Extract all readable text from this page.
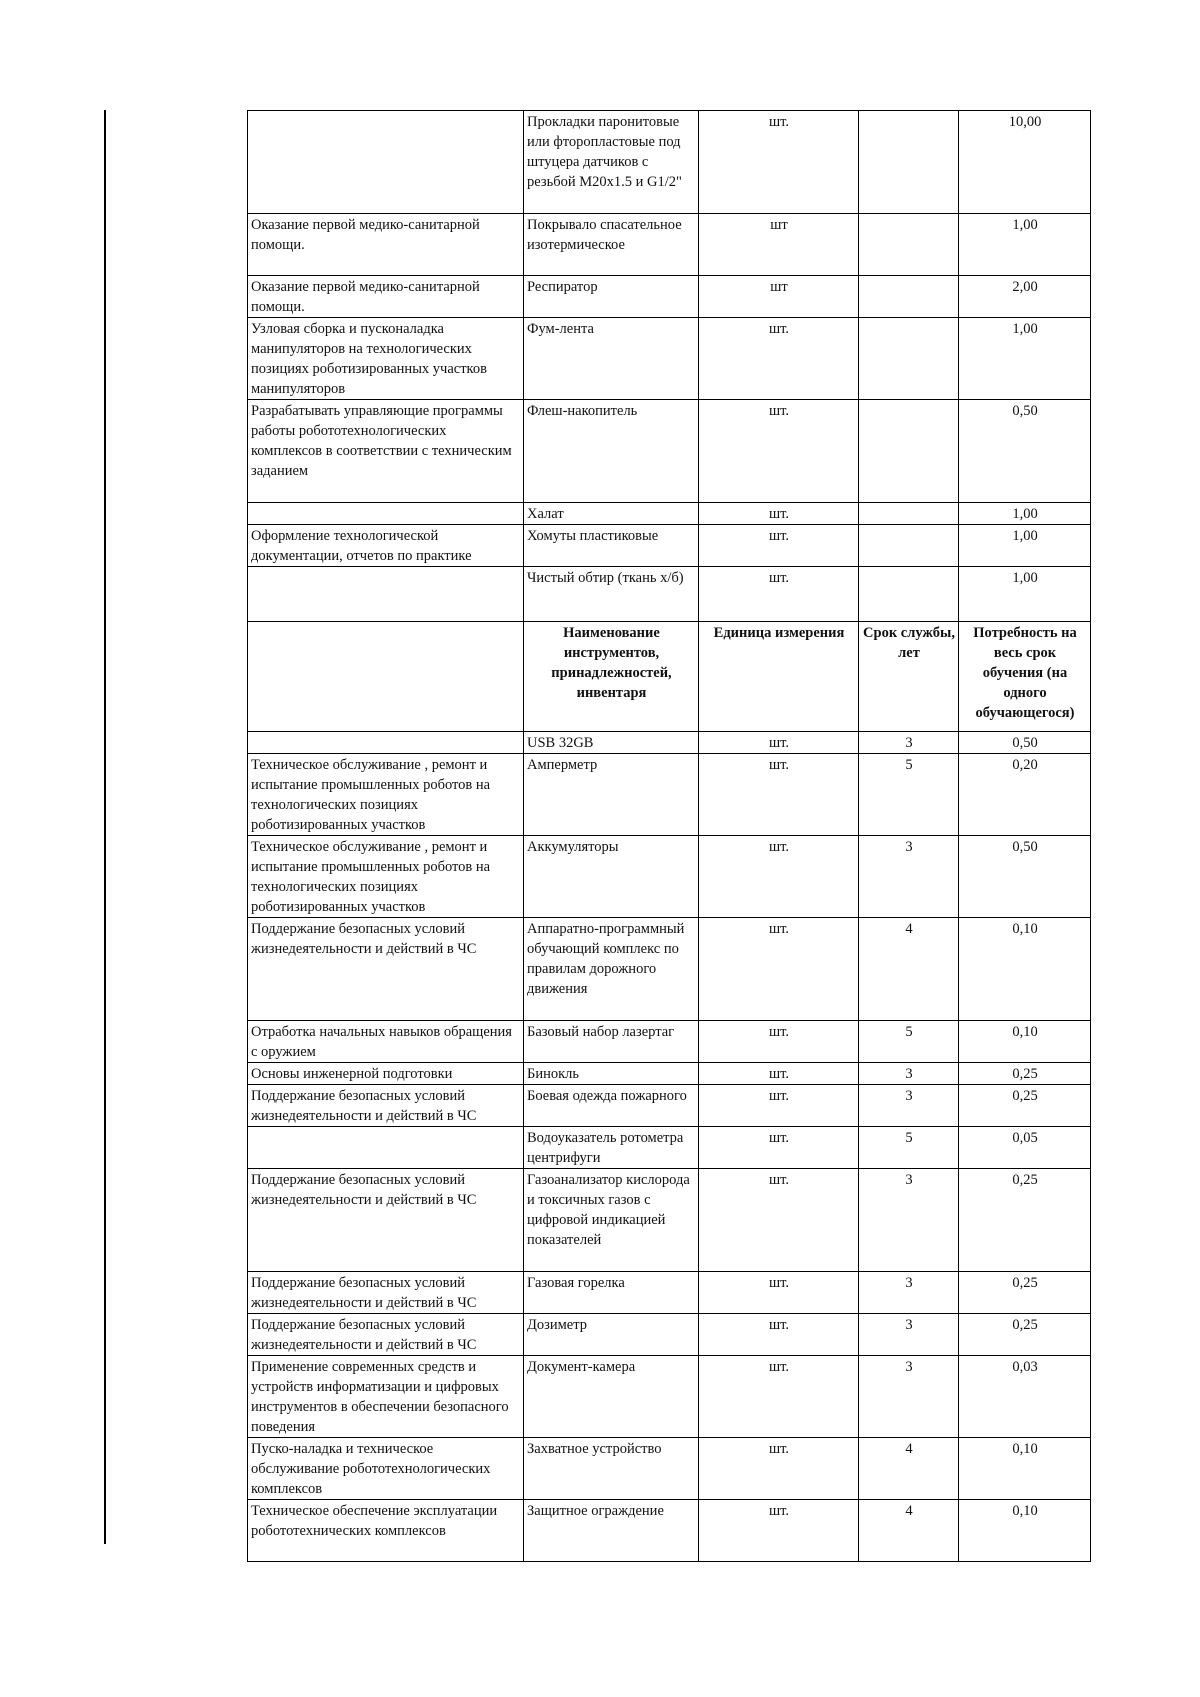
	Прокладки паронитовые или фторопластовые под штуцера датчиков с резьбой М20х1.5 и G1/2"	шт.		10,00
Оказание первой медико-санитарной помощи.	Покрывало спасательное изотермическое	шт		1,00
Оказание первой медико-санитарной помощи.	Респиратор	шт		2,00
Узловая сборка и пусконаладка манипуляторов на технологических позициях роботизированных участков манипуляторов	Фум-лента	шт.		1,00
Разрабатывать управляющие программы работы робототехнологических комплексов в соответствии с техническим заданием	Флеш-накопитель	шт.		0,50
	Халат	шт.		1,00
Оформление технологической документации, отчетов по практике	Хомуты пластиковые	шт.		1,00
	Чистый обтир (ткань х/б)	шт.		1,00
	Наименование инструментов, принадлежностей, инвентаря	Единица измерения	Срок службы, лет	Потребность на весь срок обучения (на одного обучающегося)
	USB 32GB	шт.	3	0,50
Техническое обслуживание , ремонт и испытание промышленных роботов на технологических позициях роботизированных участков	Амперметр	шт.	5	0,20
Техническое обслуживание , ремонт и испытание промышленных роботов на технологических позициях роботизированных участков	Аккумуляторы	шт.	3	0,50
Поддержание безопасных условий жизнедеятельности и действий в ЧС	Аппаратно-программный обучающий комплекс по правилам дорожного движения	шт.	4	0,10
Отработка начальных навыков обращения с оружием	Базовый набор лазертаг	шт.	5	0,10
Основы инженерной подготовки	Бинокль	шт.	3	0,25
Поддержание безопасных условий жизнедеятельности и действий в ЧС	Боевая одежда пожарного	шт.	3	0,25
	Водоуказатель ротометра центрифуги	шт.	5	0,05
Поддержание безопасных условий жизнедеятельности и действий в ЧС	Газоанализатор кислорода и токсичных газов с цифровой индикацией показателей	шт.	3	0,25
Поддержание безопасных условий жизнедеятельности и действий в ЧС	Газовая горелка	шт.	3	0,25
Поддержание безопасных условий жизнедеятельности и действий в ЧС	Дозиметр	шт.	3	0,25
Применение современных средств и устройств информатизации и цифровых инструментов в обеспечении безопасного поведения	Документ-камера	шт.	3	0,03
Пуско-наладка и техническое обслуживание робототехнологических комплексов	Захватное устройство	шт.	4	0,10
Техническое обеспечение эксплуатации робототехнических комплексов	Защитное ограждение	шт.	4	0,10
